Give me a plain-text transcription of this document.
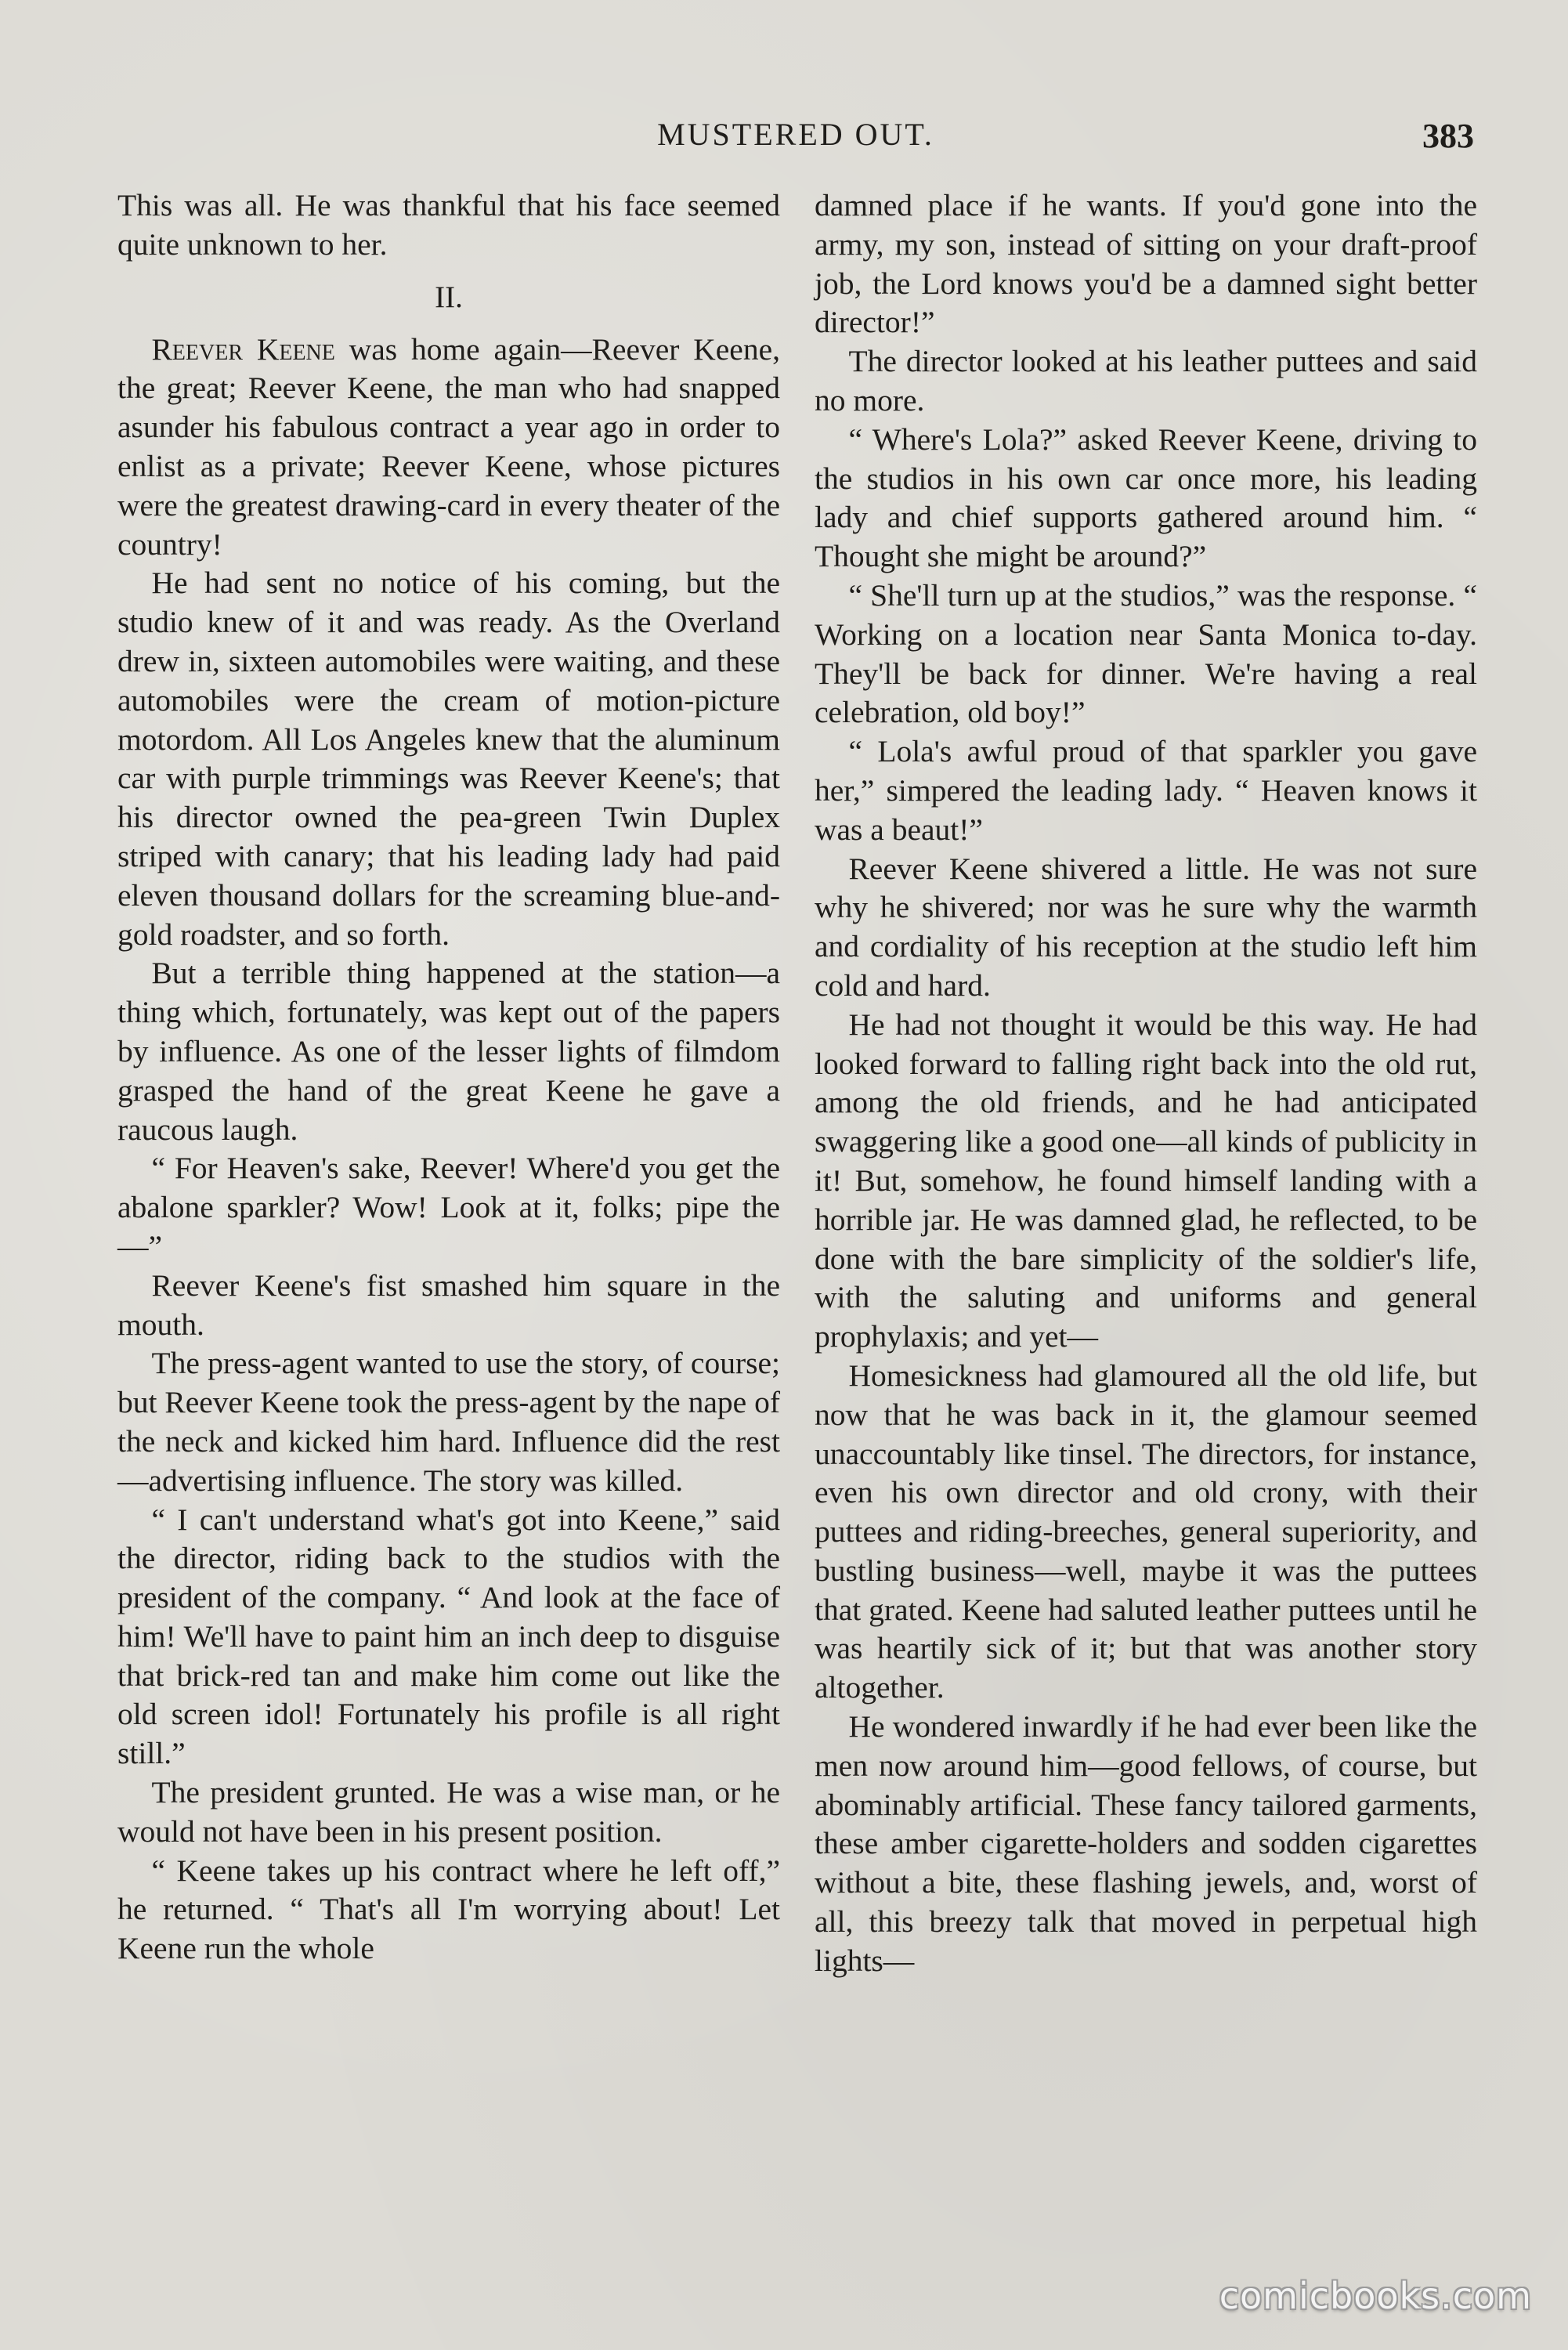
MUSTERED OUT.	383

This was all. He was thankful that his face seemed quite unknown to her.

II.

Reever Keene was home again—Reever Keene, the great; Reever Keene, the man who had snapped asunder his fabulous contract a year ago in order to enlist as a private; Reever Keene, whose pictures were the greatest drawing-card in every theater of the country!

He had sent no notice of his coming, but the studio knew of it and was ready. As the Overland drew in, sixteen automobiles were waiting, and these automobiles were the cream of motion-picture motordom. All Los Angeles knew that the aluminum car with purple trimmings was Reever Keene's; that his director owned the pea-green Twin Duplex striped with canary; that his leading lady had paid eleven thousand dollars for the screaming blue-and-gold roadster, and so forth.

But a terrible thing happened at the station—a thing which, fortunately, was kept out of the papers by influence. As one of the lesser lights of filmdom grasped the hand of the great Keene he gave a raucous laugh.

“ For Heaven's sake, Reever! Where'd you get the abalone sparkler? Wow! Look at it, folks; pipe the—”

Reever Keene's fist smashed him square in the mouth.

The press-agent wanted to use the story, of course; but Reever Keene took the press-agent by the nape of the neck and kicked him hard. Influence did the rest—advertising influence. The story was killed.

“ I can't understand what's got into Keene,” said the director, riding back to the studios with the president of the company. “ And look at the face of him! We'll have to paint him an inch deep to disguise that brick-red tan and make him come out like the old screen idol! Fortunately his profile is all right still.”

The president grunted. He was a wise man, or he would not have been in his present position.

“ Keene takes up his contract where he left off,” he returned. “ That's all I'm worrying about! Let Keene run the whole

damned place if he wants. If you'd gone into the army, my son, instead of sitting on your draft-proof job, the Lord knows you'd be a damned sight better director!”

The director looked at his leather puttees and said no more.

“ Where's Lola?” asked Reever Keene, driving to the studios in his own car once more, his leading lady and chief supports gathered around him. “ Thought she might be around?”

“ She'll turn up at the studios,” was the response. “ Working on a location near Santa Monica to-day. They'll be back for dinner. We're having a real celebration, old boy!”

“ Lola's awful proud of that sparkler you gave her,” simpered the leading lady. “ Heaven knows it was a beaut!”

Reever Keene shivered a little. He was not sure why he shivered; nor was he sure why the warmth and cordiality of his reception at the studio left him cold and hard.

He had not thought it would be this way. He had looked forward to falling right back into the old rut, among the old friends, and he had anticipated swaggering like a good one—all kinds of publicity in it! But, somehow, he found himself landing with a horrible jar. He was damned glad, he reflected, to be done with the bare simplicity of the soldier's life, with the saluting and uniforms and general prophylaxis; and yet—

Homesickness had glamoured all the old life, but now that he was back in it, the glamour seemed unaccountably like tinsel. The directors, for instance, even his own director and old crony, with their puttees and riding-breeches, general superiority, and bustling business—well, maybe it was the puttees that grated. Keene had saluted leather puttees until he was heartily sick of it; but that was another story altogether.

He wondered inwardly if he had ever been like the men now around him—good fellows, of course, but abominably artificial. These fancy tailored garments, these amber cigarette-holders and sodden cigarettes without a bite, these flashing jewels, and, worst of all, this breezy talk that moved in perpetual high lights—

comicbooks.com
